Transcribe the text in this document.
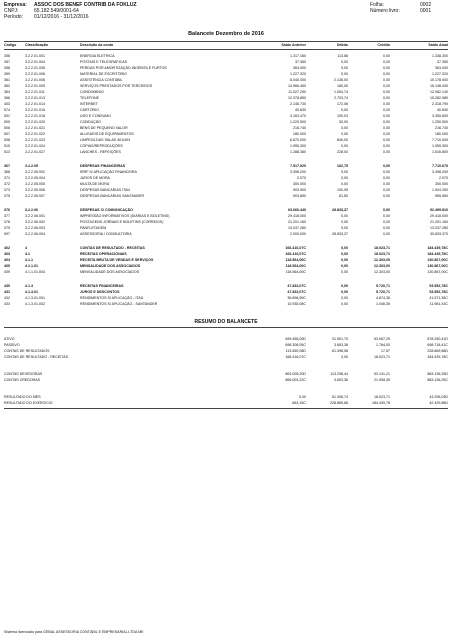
Empresa: ASSOC DOS BENEF CONTRIB DA FOKLUZ
CNPJ:	65.182.549/0001-64
Período: 01/12/2016 - 31/12/2016
Folha:	0002
Número livro:	0001
Balancete Dezembro de 2016
Código	Classificação	Descrição da conta	Saldo Anterior	Débito	Crédito	Saldo Atual
356	3.2.2.01.001	ENERGIA ELÉTRICA	1.317.160	113,86	0,00	1.338.300
357	3.2.2.01.004	POSTAIS E TELEGRÁFICAS	37.350	0,00	0,00	37.350
358	3.2.2.01.005	PERDAS POR AMORTIZAÇÃO INDÉBITA E FURTOS	363.000	0,00	0,00	363.000
359	3.2.2.01.006	MATERIAL DE ESCRITÓRIO	1.227.320	0,00	0,00	1.227.320
361	3.2.2.01.008	ASSISTÊNCIA CONTÁBIL	8.040.000	2.138,00	0,00	10.178.000
362	3.2.2.01.009	SERVIÇOS PRESTADOS POR TERCEIROS	14.966.450	180,00	0,00	15.146.430
364	3.2.2.01.011	CONDOMÍNIO	11.027.290	1.054,74	0,00	12.082.140
366	3.2.2.01.013	TELEFONE	12.378.850	2.703,74	0,00	15.282.980
403	3.2.2.01.014	INTERNET	2.146.730	172,06	0,00	2.318.790
574	3.2.2.01.016	CARTÓRIO	40.830	0,00	0,00	40.830
501	3.2.2.01.018	USO E CONSUMO	3.163.470	190,03	0,00	3.355.500
505	3.2.2.01.020	CONDUÇÃO	1.220.500	30,00	0,00	1.250.500
506	3.2.2.01.021	BENS DE PEQUENO VALOR	216.740	0,00	0,00	216.740
507	3.2.2.01.022	ALUGUÉIS DE EQUIPAMENTOS	180.000	0,00	0,00	180.000
508	3.2.2.01.023	LIMPEZA DAS SALAS 401/403	6.870.000	840,00	0,00	7.710.000
510	3.2.2.01.024	CÓPIAS/REPRODUÇÕES	1.955.300	0,00	0,00	1.955.300
513	3.2.2.01.027	LANCHES - REFEIÇÕES	1.288.380	228,04	0,00	1.516.800
367	3.2.2.05	DESPESAS FINANCEIRAS	7.517.920	162,75	0,00	7.710.670
368	3.2.2.05.002	IRRF S/ APLICAÇÃO FINANCEIRA	3.398.200	0,00	0,00	3.398.200
371	3.2.2.05.004	JUROS DE MORA	2.070	0,00	0,00	2.070
372	3.2.2.05.005	MULTA DE MORA	300.000	0,00	0,00	300.000
373	3.2.2.05.006	DESPESAS BANCÁRIAS ITAÚ	903.900	100,95	0,00	1.004.250
375	3.2.2.05.007	DESPESAS BANCÁRIAS SANTANDER	903.850	61,80	0,00	965.960
376	3.2.2.06	DESPESAS C/ COMUNICAÇÃO	63.666.440	28.833,37	0,00	92.499.810
377	3.2.2.06.001	IMPRESSÃO INFORMATIVOS (DIÁRIAS E BOLETINS)	29.418.000	0,00	0,00	29.418.000
378	3.2.2.06.002	POSTAGENS JORNAIS E BOLETINS (CORREIOS)	21.201.160	0,00	0,00	21.201.160
379	3.2.2.06.003	PANFLETAGEM	13.037.280	0,00	0,00	13.037.280
597	3.2.2.06.004	ASSESSORIA / CONSULTORIA	2.000.000	28.833,37	0,00	30.833.370
402	4	CONTAS DE RESULTADO - RECEITAS	166.416,07C	0,00	18.023,71	184.439,78C
403	4.1	RECEITAS OPERACIONAIS	166.416,07C	0,00	18.023,71	184.439,78C
404	4.1.1	RECEITA BRUTA DE VENDAS E SERVIÇOS	118.564,00C	0,00	12.303,00	130.867,00C
405	4.1.1.01	MENSALIDADE DOS ASSOCIADOS	118.564,00C	0,00	12.303,00	130.867,00C
409	4.1.1.01.004	MENSALIDADE DOS ASSOCIADOS	118.564,00C	0,00	12.303,00	130.867,00C
430	4.1.3	RECEITAS FINANCEIRAS	47.832,07C	0,00	5.720,71	53.552,78C
431	4.1.3.01	JUROS E DESCONTOS	47.832,07C	0,00	5.720,71	53.552,78C
432	4.1.3.01.001	RENDIMENTOS S/ APLICAÇÃO - ITAÚ	36.896,99C	0,00	4.674,36	41.571,35C
433	4.1.3.01.002	RENDIMENTOS S/ APLICAÇÃO - SANTANDER	10.935,08C	0,00	1.046,35	11.981,43C
RESUMO DO BALANCETE
ATIVO	699.456,00D	31.901,70	53.067,29	678.290,41D
PASSIVO	698.308,05C	3.653,36	1.784,00	698.718,41C
CONTAS DE RESULTADOS	113.550,08D	61.398,08	17,57	228.869,68D
CONTAS DE RESULTADO - RECEITAS	166.416,07C	0,00	18.023,71	184.439,78C
CONTAS DEVEDORAS	863.005,20D	113.298,44	93.141,21	883.136,25D
CONTAS CREDORAS	865.003,22C	3.653,36	21.908,39	883.136,25C
RESULTADO DO MÊS	0,00	61.308,74	18.023,71	43.295,03D
RESULTADO DO EXERCÍCIO	863,15C	228.869,68	184.439,78	42.429,88D
Sistema licenciado para GEBAL ASSESSORIA CONTÁBIL E EMPRESARIAL LTDA ME
